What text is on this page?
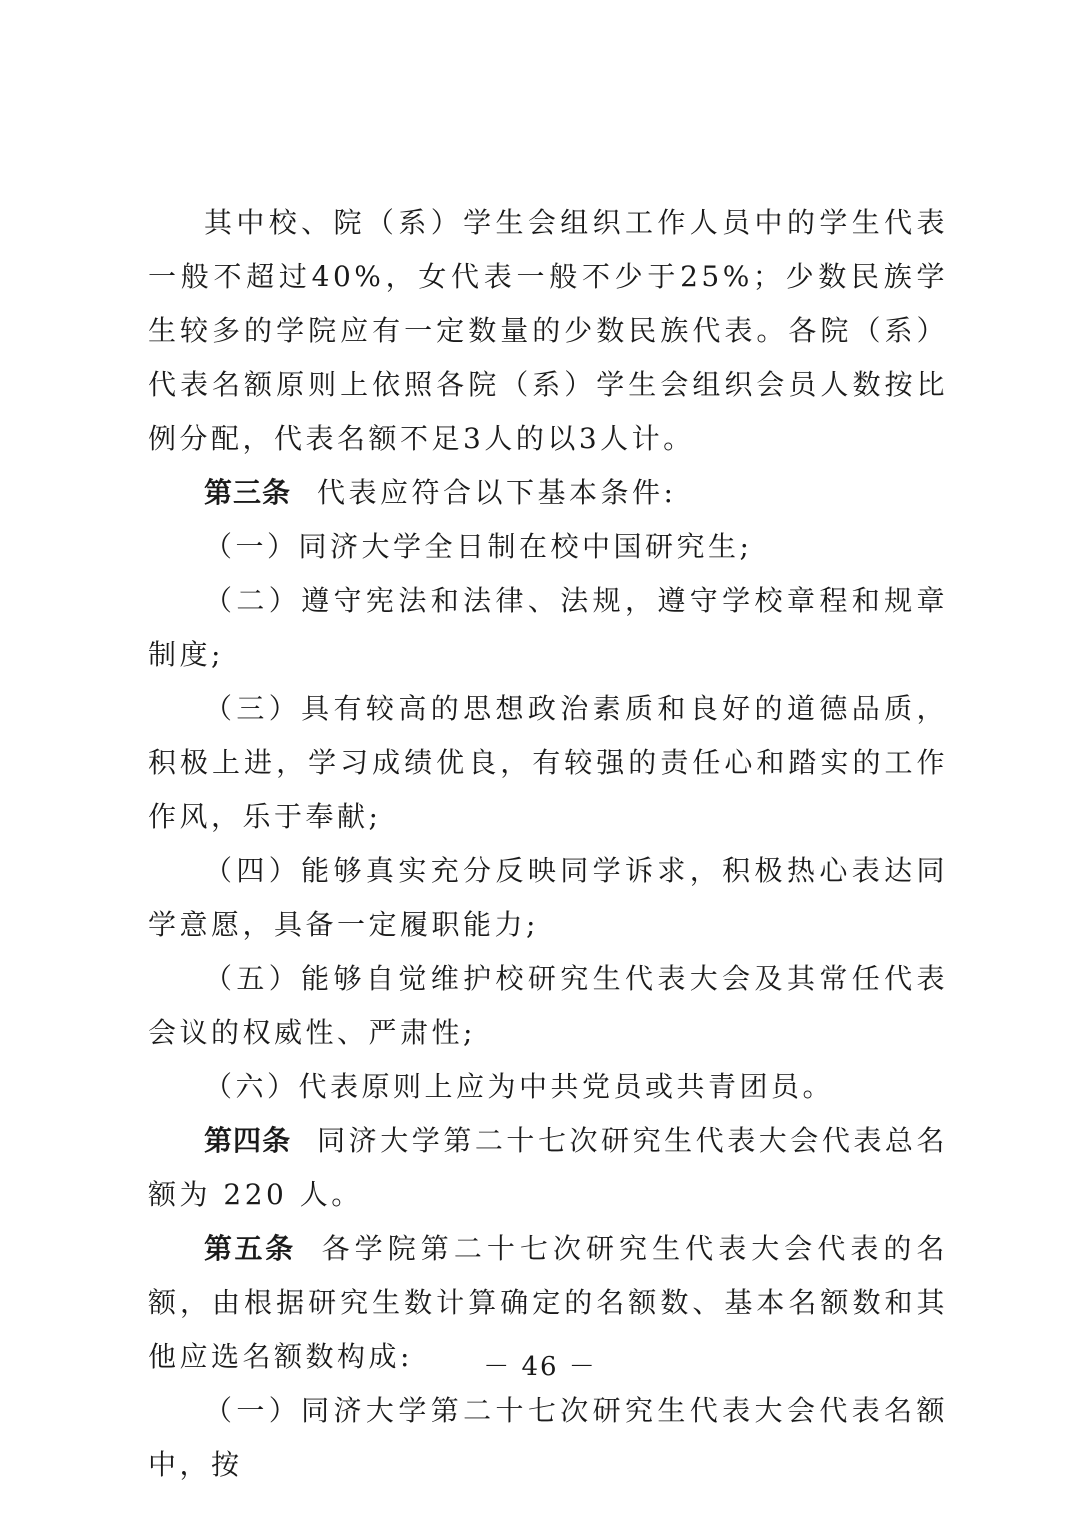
其中校、院（系）学生会组织工作人员中的学生代表一般不超过40%，女代表一般不少于25%；少数民族学生较多的学院应有一定数量的少数民族代表。各院（系）代表名额原则上依照各院（系）学生会组织会员人数按比例分配，代表名额不足3人的以3人计。

第三条 代表应符合以下基本条件:

（一）同济大学全日制在校中国研究生;

（二）遵守宪法和法律、法规，遵守学校章程和规章制度;

（三）具有较高的思想政治素质和良好的道德品质，积极上进，学习成绩优良，有较强的责任心和踏实的工作作风，乐于奉献;

（四）能够真实充分反映同学诉求，积极热心表达同学意愿，具备一定履职能力;

（五）能够自觉维护校研究生代表大会及其常任代表会议的权威性、严肃性;

（六）代表原则上应为中共党员或共青团员。

第四条 同济大学第二十七次研究生代表大会代表总名额为 220 人。

第五条 各学院第二十七次研究生代表大会代表的名额，由根据研究生数计算确定的名额数、基本名额数和其他应选名额数构成:

（一）同济大学第二十七次研究生代表大会代表名额中，按

－ 46 －
